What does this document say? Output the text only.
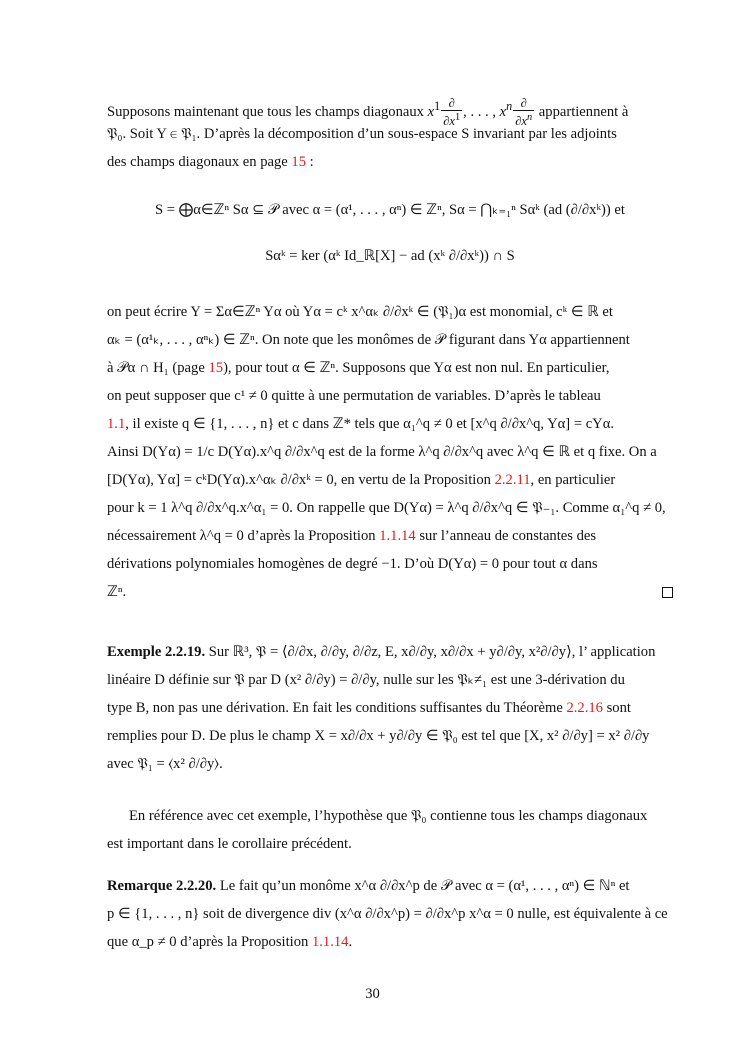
Supposons maintenant que tous les champs diagonaux $x^1 \frac{\partial}{\partial x^1}$ , . . . , $x^n \frac{\partial}{\partial x^n}$ appartiennent à
𝔓₀. Soit Y ∈ 𝔓₁. D’après la décomposition d’un sous-espace S invariant par les adjoints
des champs diagonaux en page 15 :
S = ⨁α∈ℤⁿ Sα ⊆ 𝒫 avec α = (α¹, . . . , αⁿ) ∈ ℤⁿ, Sα = ⋂ₖ₌₁ⁿ Sαᵏ (ad (∂/∂xᵏ)) et
Sαᵏ = ker (αᵏ Id_ℝ[X] − ad (xᵏ ∂/∂xᵏ)) ∩ S
on peut écrire Y = Σα∈ℤⁿ Yα où Yα = cᵏ x^αₖ ∂/∂xᵏ ∈ (𝔓₁)α est monomial, cᵏ ∈ ℝ et
αₖ = (α¹ₖ, . . . , αⁿₖ) ∈ ℤⁿ. On note que les monômes de 𝒫 figurant dans Yα appartiennent
à 𝒫α ∩ H₁ (page 15), pour tout α ∈ ℤⁿ. Supposons que Yα est non nul. En particulier,
on peut supposer que c¹ ≠ 0 quitte à une permutation de variables. D’après le tableau
1.1, il existe q ∈ {1, . . . , n} et c dans ℤ* tels que α₁^q ≠ 0 et [x^q ∂/∂x^q, Yα] = cYα.
Ainsi D(Yα) = 1/c D(Yα).x^q ∂/∂x^q est de la forme λ^q ∂/∂x^q avec λ^q ∈ ℝ et q fixe. On a
[D(Yα), Yα] = cᵏD(Yα).x^αₖ ∂/∂xᵏ = 0, en vertu de la Proposition 2.2.11, en particulier
pour k = 1 λ^q ∂/∂x^q.x^α₁ = 0. On rappelle que D(Yα) = λ^q ∂/∂x^q ∈ 𝔓₋₁. Comme α₁^q ≠ 0,
nécessairement λ^q = 0 d’après la Proposition 1.1.14 sur l’anneau de constantes des
dérivations polynomiales homogènes de degré −1. D’où D(Yα) = 0 pour tout α dans
ℤⁿ.
Exemple 2.2.19. Sur ℝ³, 𝔓 = ⟨∂/∂x, ∂/∂y, ∂/∂z, E, x∂/∂y, x∂/∂x + y∂/∂y, x²∂/∂y⟩, l’ application
linéaire D définie sur 𝔓 par D (x² ∂/∂y) = ∂/∂y, nulle sur les 𝔓ₖ≠₁ est une 3-dérivation du
type B, non pas une dérivation. En fait les conditions suffisantes du Théorème 2.2.16 sont
remplies pour D. De plus le champ X = x∂/∂x + y∂/∂y ∈ 𝔓₀ est tel que [X, x² ∂/∂y] = x² ∂/∂y
avec 𝔓₁ = ⟨x² ∂/∂y⟩.
En référence avec cet exemple, l’hypothèse que 𝔓₀ contienne tous les champs diagonaux
est important dans le corollaire précédent.
Remarque 2.2.20. Le fait qu’un monôme x^α ∂/∂x^p de 𝒫 avec α = (α¹, . . . , αⁿ) ∈ ℕⁿ et
p ∈ {1, . . . , n} soit de divergence div (x^α ∂/∂x^p) = ∂/∂x^p x^α = 0 nulle, est équivalente à ce
que α_p ≠ 0 d’après la Proposition 1.1.14.
30
